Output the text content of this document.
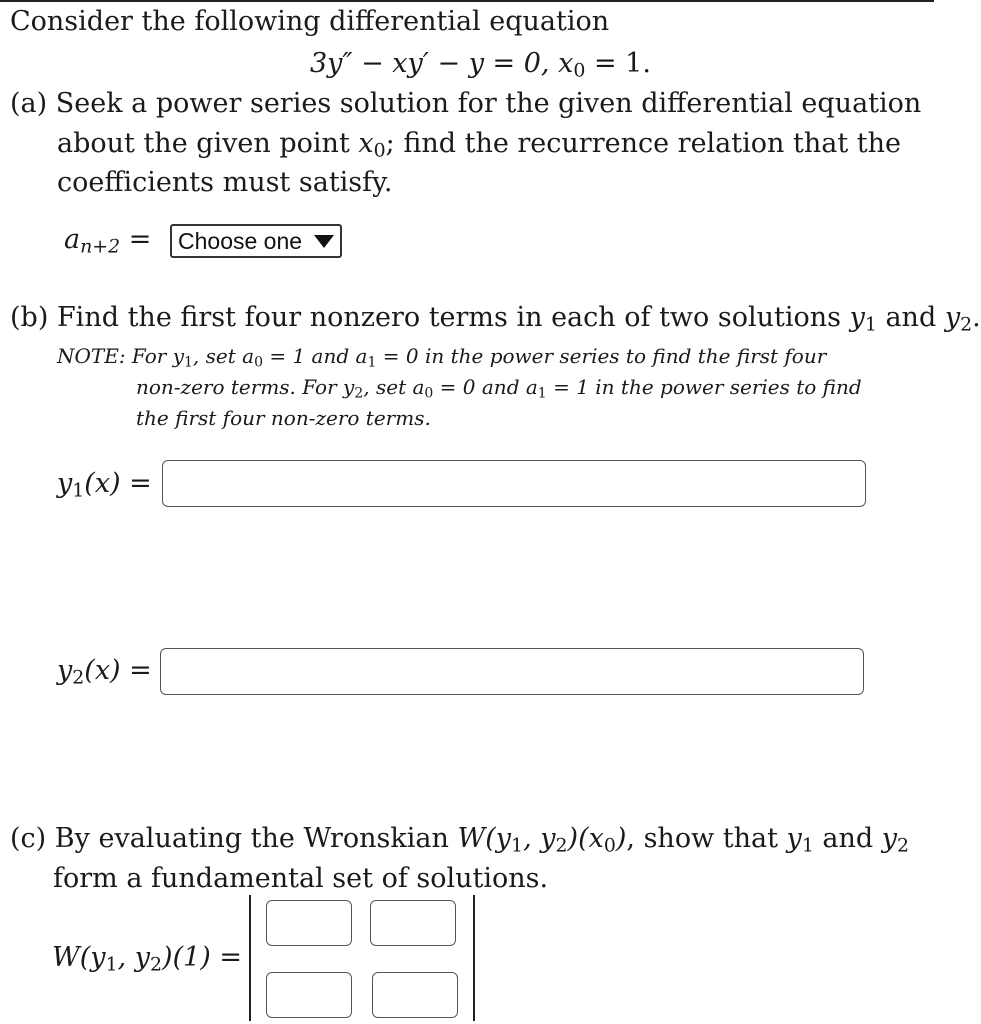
Consider the following differential equation
3y″ − xy′ − y = 0, $x_0 = 1$.
(a) Seek a power series solution for the given differential equation
about the given point $x_0$; find the recurrence relation that the
coefficients must satisfy.
$a_{n+2}$ =	Choose one
(b) Find the first four nonzero terms in each of two solutions $y_1$ and $y_2$.
NOTE: For $y_1$, set $a_0 = 1$ and $a_1 = 0$ in the power series to find the first four
non-zero terms. For $y_2$, set $a_0 = 0$ and $a_1 = 1$ in the power series to find
the first four non-zero terms.
$y_1(x)$ =
$y_2(x)$ =
(c) By evaluating the Wronskian $W(y_1$, $y_2)(x_0)$, show that $y_1$ and $y_2$
form a fundamental set of solutions.
$W(y_1$, $y_2)(1)$ =
